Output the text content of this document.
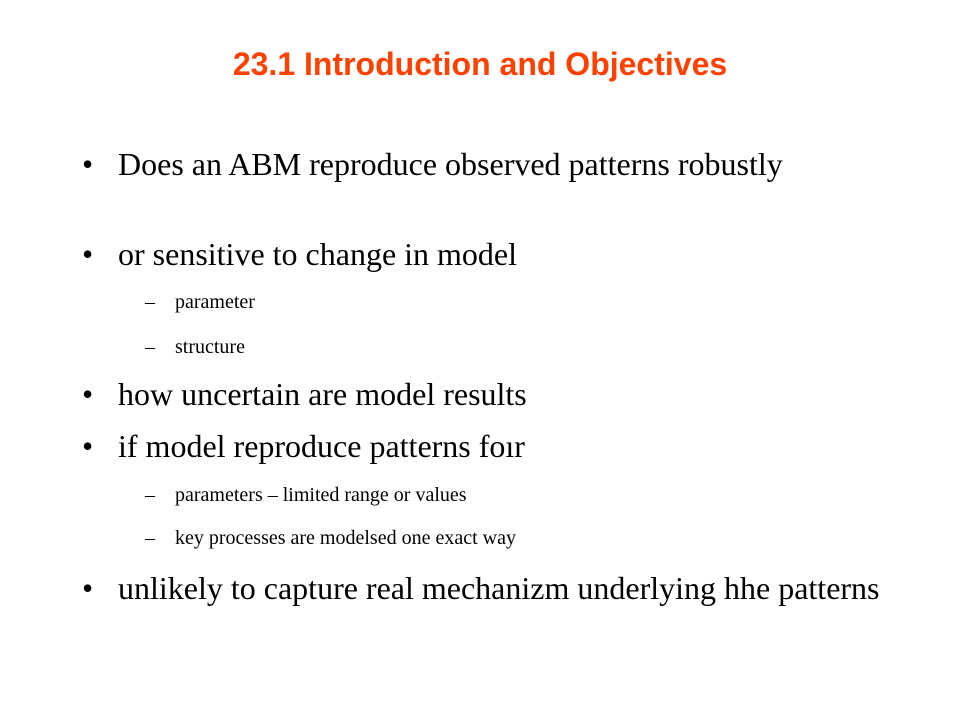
23.1 Introduction and Objectives
• Does an ABM reproduce observed patterns robustly
• or sensitive to change in model
– parameter
– structure
• how uncertain are model results
• if model reproduce patterns foır
– parameters – limited range or values
– key processes are modelsed one exact way
• unlikely to capture real mechanizm underlying hhe patterns
